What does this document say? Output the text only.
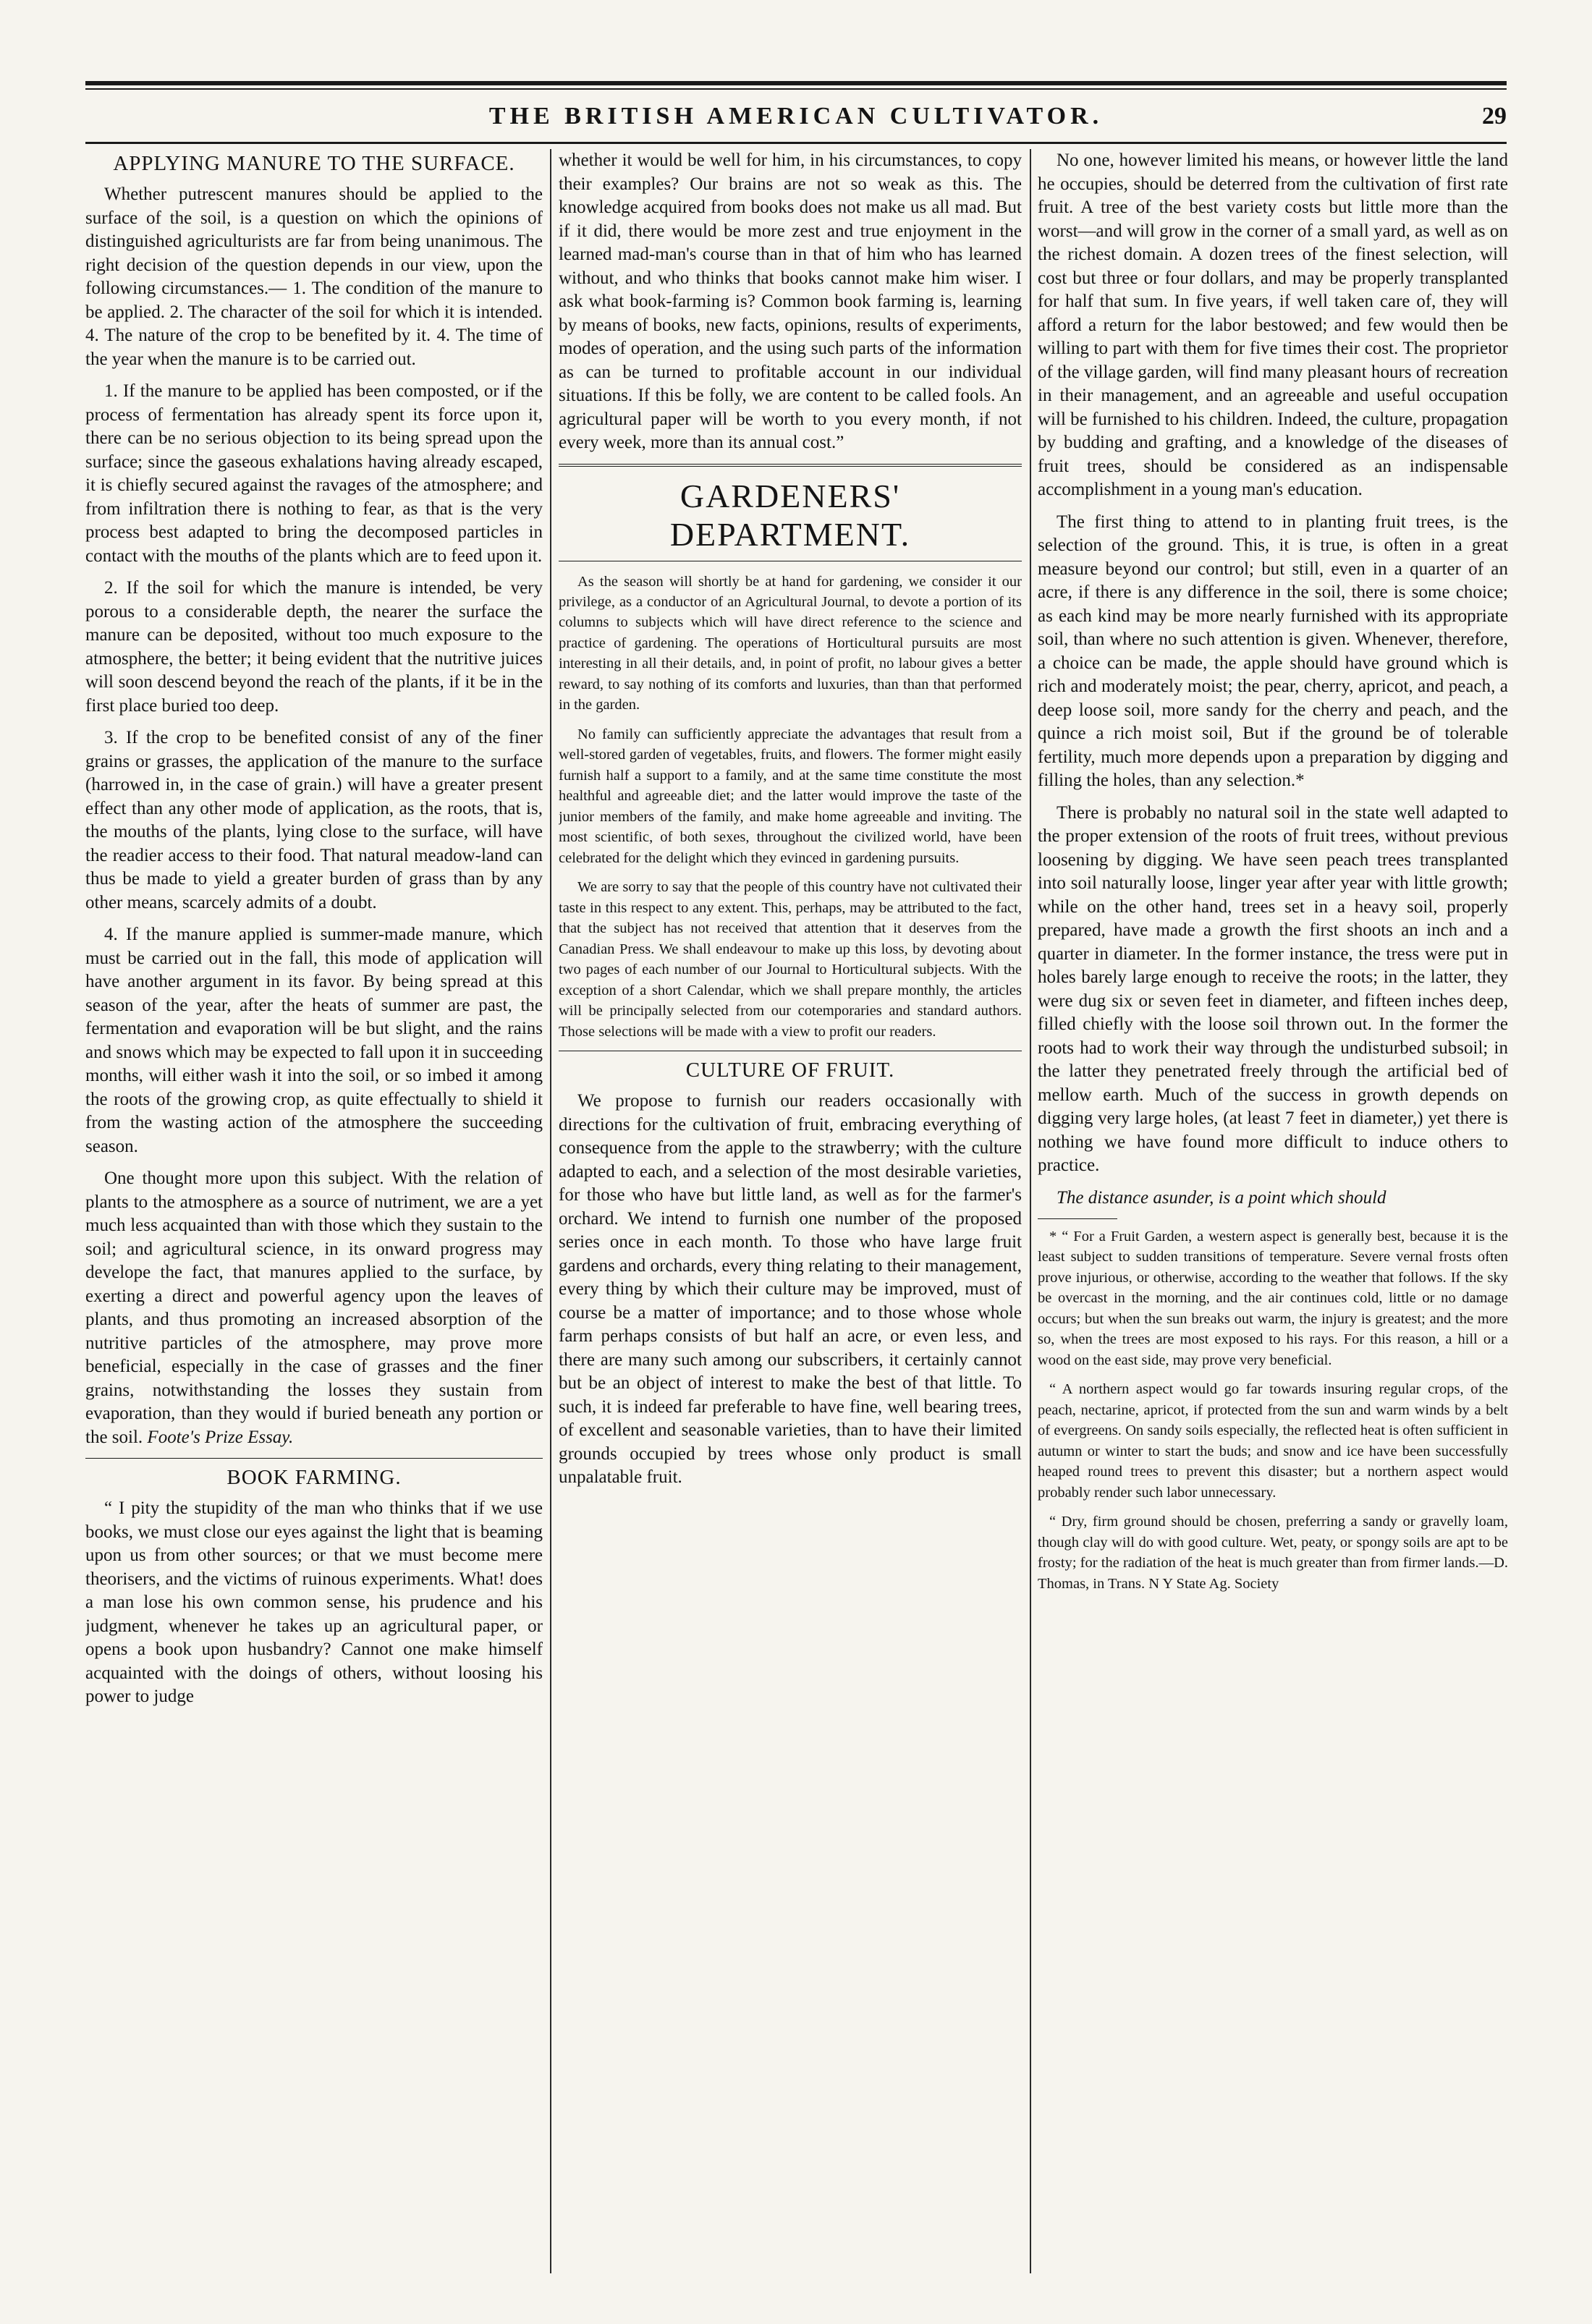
THE BRITISH AMERICAN CULTIVATOR.	29
APPLYING MANURE TO THE SURFACE.

Whether putrescent manures should be applied to the surface of the soil, is a question on which the opinions of distinguished agriculturists are far from being unanimous. The right decision of the question depends in our view, upon the following circumstances.— 1. The condition of the manure to be applied. 2. The character of the soil for which it is intended. 4. The nature of the crop to be benefited by it. 4. The time of the year when the manure is to be carried out.

1. If the manure to be applied has been composted, or if the process of fermentation has already spent its force upon it, there can be no serious objection to its being spread upon the surface; since the gaseous exhalations having already escaped, it is chiefly secured against the ravages of the atmosphere; and from infiltration there is nothing to fear, as that is the very process best adapted to bring the decomposed particles in contact with the mouths of the plants which are to feed upon it.

2. If the soil for which the manure is intended, be very porous to a considerable depth, the nearer the surface the manure can be deposited, without too much exposure to the atmosphere, the better; it being evident that the nutritive juices will soon descend beyond the reach of the plants, if it be in the first place buried too deep.

3. If the crop to be benefited consist of any of the finer grains or grasses, the application of the manure to the surface (harrowed in, in the case of grain.) will have a greater present effect than any other mode of application, as the roots, that is, the mouths of the plants, lying close to the surface, will have the readier access to their food. That natural meadow-land can thus be made to yield a greater burden of grass than by any other means, scarcely admits of a doubt.

4. If the manure applied is summer-made manure, which must be carried out in the fall, this mode of application will have another argument in its favor. By being spread at this season of the year, after the heats of summer are past, the fermentation and evaporation will be but slight, and the rains and snows which may be expected to fall upon it in succeeding months, will either wash it into the soil, or so imbed it among the roots of the growing crop, as quite effectually to shield it from the wasting action of the atmosphere the succeeding season.

One thought more upon this subject. With the relation of plants to the atmosphere as a source of nutriment, we are a yet much less acquainted than with those which they sustain to the soil; and agricultural science, in its onward progress may develope the fact, that manures applied to the surface, by exerting a direct and powerful agency upon the leaves of plants, and thus promoting an increased absorption of the nutritive particles of the atmosphere, may prove more beneficial, especially in the case of grasses and the finer grains, notwithstanding the losses they sustain from evaporation, than they would if buried beneath any portion or the soil. Foote's Prize Essay.

BOOK FARMING.

“ I pity the stupidity of the man who thinks that if we use books, we must close our eyes against the light that is beaming upon us from other sources; or that we must become mere theorisers, and the victims of ruinous experiments. What! does a man lose his own common sense, his prudence and his judgment, whenever he takes up an agricultural paper, or opens a book upon husbandry? Cannot one make himself acquainted with the doings of others, without loosing his power to judge

whether it would be well for him, in his circumstances, to copy their examples? Our brains are not so weak as this. The knowledge acquired from books does not make us all mad. But if it did, there would be more zest and true enjoyment in the learned mad-man's course than in that of him who has learned without, and who thinks that books cannot make him wiser. I ask what book-farming is? Common book farming is, learning by means of books, new facts, opinions, results of experiments, modes of operation, and the using such parts of the information as can be turned to profitable account in our individual situations. If this be folly, we are content to be called fools. An agricultural paper will be worth to you every month, if not every week, more than its annual cost.”

GARDENERS' DEPARTMENT.

As the season will shortly be at hand for gardening, we consider it our privilege, as a conductor of an Agricultural Journal, to devote a portion of its columns to subjects which will have direct reference to the science and practice of gardening. The operations of Horticultural pursuits are most interesting in all their details, and, in point of profit, no labour gives a better reward, to say nothing of its comforts and luxuries, than than that performed in the garden.

No family can sufficiently appreciate the advantages that result from a well-stored garden of vegetables, fruits, and flowers. The former might easily furnish half a support to a family, and at the same time constitute the most healthful and agreeable diet; and the latter would improve the taste of the junior members of the family, and make home agreeable and inviting. The most scientific, of both sexes, throughout the civilized world, have been celebrated for the delight which they evinced in gardening pursuits.

We are sorry to say that the people of this country have not cultivated their taste in this respect to any extent. This, perhaps, may be attributed to the fact, that the subject has not received that attention that it deserves from the Canadian Press. We shall endeavour to make up this loss, by devoting about two pages of each number of our Journal to Horticultural subjects. With the exception of a short Calendar, which we shall prepare monthly, the articles will be principally selected from our cotemporaries and standard authors. Those selections will be made with a view to profit our readers.

CULTURE OF FRUIT.

We propose to furnish our readers occasionally with directions for the cultivation of fruit, embracing everything of consequence from the apple to the strawberry; with the culture adapted to each, and a selection of the most desirable varieties, for those who have but little land, as well as for the farmer's orchard. We intend to furnish one number of the proposed series once in each month. To those who have large fruit gardens and orchards, every thing relating to their management, every thing by which their culture may be improved, must of course be a matter of importance; and to those whose whole farm perhaps consists of but half an acre, or even less, and there are many such among our subscribers, it certainly cannot but be an object of interest to make the best of that little. To such, it is indeed far preferable to have fine, well bearing trees, of excellent and seasonable varieties, than to have their limited grounds occupied by trees whose only product is small unpalatable fruit.

No one, however limited his means, or however little the land he occupies, should be deterred from the cultivation of first rate fruit. A tree of the best variety costs but little more than the worst—and will grow in the corner of a small yard, as well as on the richest domain. A dozen trees of the finest selection, will cost but three or four dollars, and may be properly transplanted for half that sum. In five years, if well taken care of, they will afford a return for the labor bestowed; and few would then be willing to part with them for five times their cost. The proprietor of the village garden, will find many pleasant hours of recreation in their management, and an agreeable and useful occupation will be furnished to his children. Indeed, the culture, propagation by budding and grafting, and a knowledge of the diseases of fruit trees, should be considered as an indispensable accomplishment in a young man's education.

The first thing to attend to in planting fruit trees, is the selection of the ground. This, it is true, is often in a great measure beyond our control; but still, even in a quarter of an acre, if there is any difference in the soil, there is some choice; as each kind may be more nearly furnished with its appropriate soil, than where no such attention is given. Whenever, therefore, a choice can be made, the apple should have ground which is rich and moderately moist; the pear, cherry, apricot, and peach, a deep loose soil, more sandy for the cherry and peach, and the quince a rich moist soil, But if the ground be of tolerable fertility, much more depends upon a preparation by digging and filling the holes, than any selection.*

There is probably no natural soil in the state well adapted to the proper extension of the roots of fruit trees, without previous loosening by digging. We have seen peach trees transplanted into soil naturally loose, linger year after year with little growth; while on the other hand, trees set in a heavy soil, properly prepared, have made a growth the first shoots an inch and a quarter in diameter. In the former instance, the tress were put in holes barely large enough to receive the roots; in the latter, they were dug six or seven feet in diameter, and fifteen inches deep, filled chiefly with the loose soil thrown out. In the former the roots had to work their way through the undisturbed subsoil; in the latter they penetrated freely through the artificial bed of mellow earth. Much of the success in growth depends on digging very large holes, (at least 7 feet in diameter,) yet there is nothing we have found more difficult to induce others to practice.

The distance asunder, is a point which should

* “ For a Fruit Garden, a western aspect is generally best, because it is the least subject to sudden transitions of temperature. Severe vernal frosts often prove injurious, or otherwise, according to the weather that follows. If the sky be overcast in the morning, and the air continues cold, little or no damage occurs; but when the sun breaks out warm, the injury is greatest; and the more so, when the trees are most exposed to his rays. For this reason, a hill or a wood on the east side, may prove very beneficial.

“ A northern aspect would go far towards insuring regular crops, of the peach, nectarine, apricot, if protected from the sun and warm winds by a belt of evergreens. On sandy soils especially, the reflected heat is often sufficient in autumn or winter to start the buds; and snow and ice have been successfully heaped round trees to prevent this disaster; but a northern aspect would probably render such labor unnecessary.

“ Dry, firm ground should be chosen, preferring a sandy or gravelly loam, though clay will do with good culture. Wet, peaty, or spongy soils are apt to be frosty; for the radiation of the heat is much greater than from firmer lands.—D. Thomas, in Trans. N Y State Ag. Society
